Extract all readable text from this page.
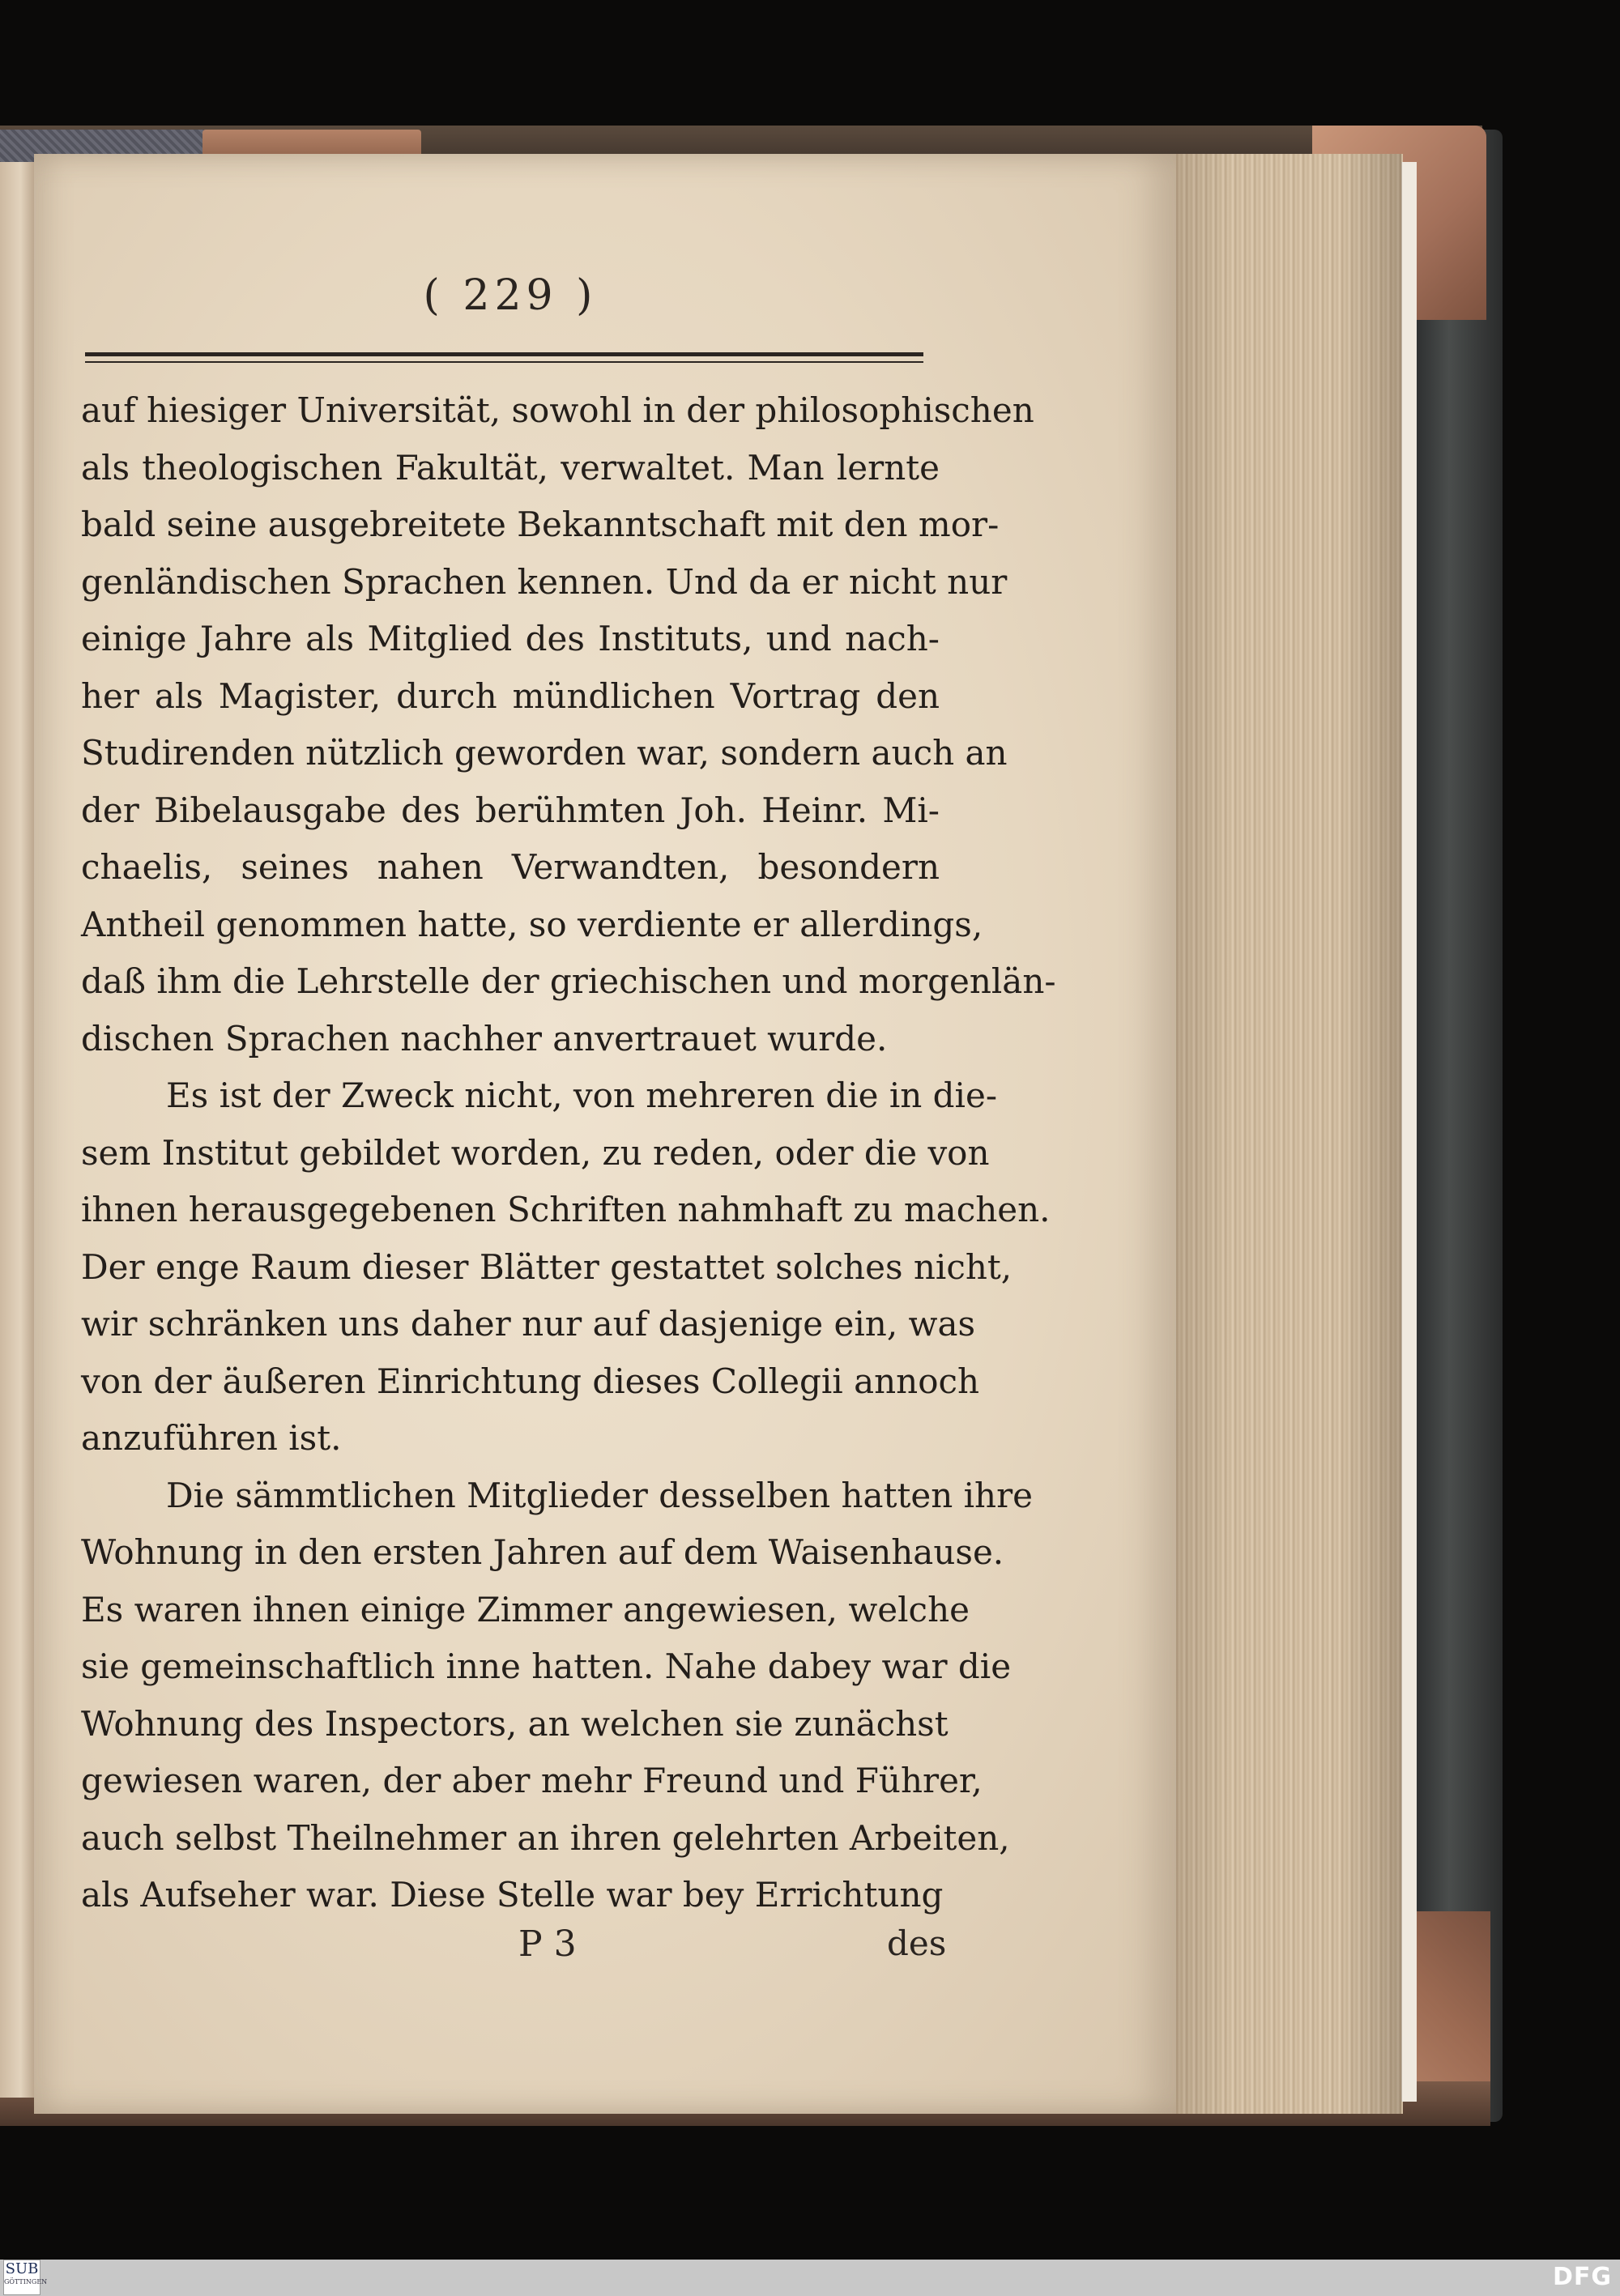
( 229 )
auf hiesiger Universität, sowohl in der philosophischen
als theologischen Fakultät, verwaltet. Man lernte
bald seine ausgebreitete Bekanntschaft mit den mor-
genländischen Sprachen kennen. Und da er nicht nur
einige Jahre als Mitglied des Instituts, und nach-
her als Magister, durch mündlichen Vortrag den
Studirenden nützlich geworden war, sondern auch an
der Bibelausgabe des berühmten Joh. Heinr. Mi-
chaelis, seines nahen Verwandten, besondern
Antheil genommen hatte, so verdiente er allerdings,
daß ihm die Lehrstelle der griechischen und morgenlän-
dischen Sprachen nachher anvertrauet wurde.
Es ist der Zweck nicht, von mehreren die in die-
sem Institut gebildet worden, zu reden, oder die von
ihnen herausgegebenen Schriften nahmhaft zu machen.
Der enge Raum dieser Blätter gestattet solches nicht,
wir schränken uns daher nur auf dasjenige ein, was
von der äußeren Einrichtung dieses Collegii annoch
anzuführen ist.
Die sämmtlichen Mitglieder desselben hatten ihre
Wohnung in den ersten Jahren auf dem Waisenhause.
Es waren ihnen einige Zimmer angewiesen, welche
sie gemeinschaftlich inne hatten. Nahe dabey war die
Wohnung des Inspectors, an welchen sie zunächst
gewiesen waren, der aber mehr Freund und Führer,
auch selbst Theilnehmer an ihren gelehrten Arbeiten,
als Aufseher war. Diese Stelle war bey Errichtung
P 3	des
SUB
GÖTTINGEN	DFG
